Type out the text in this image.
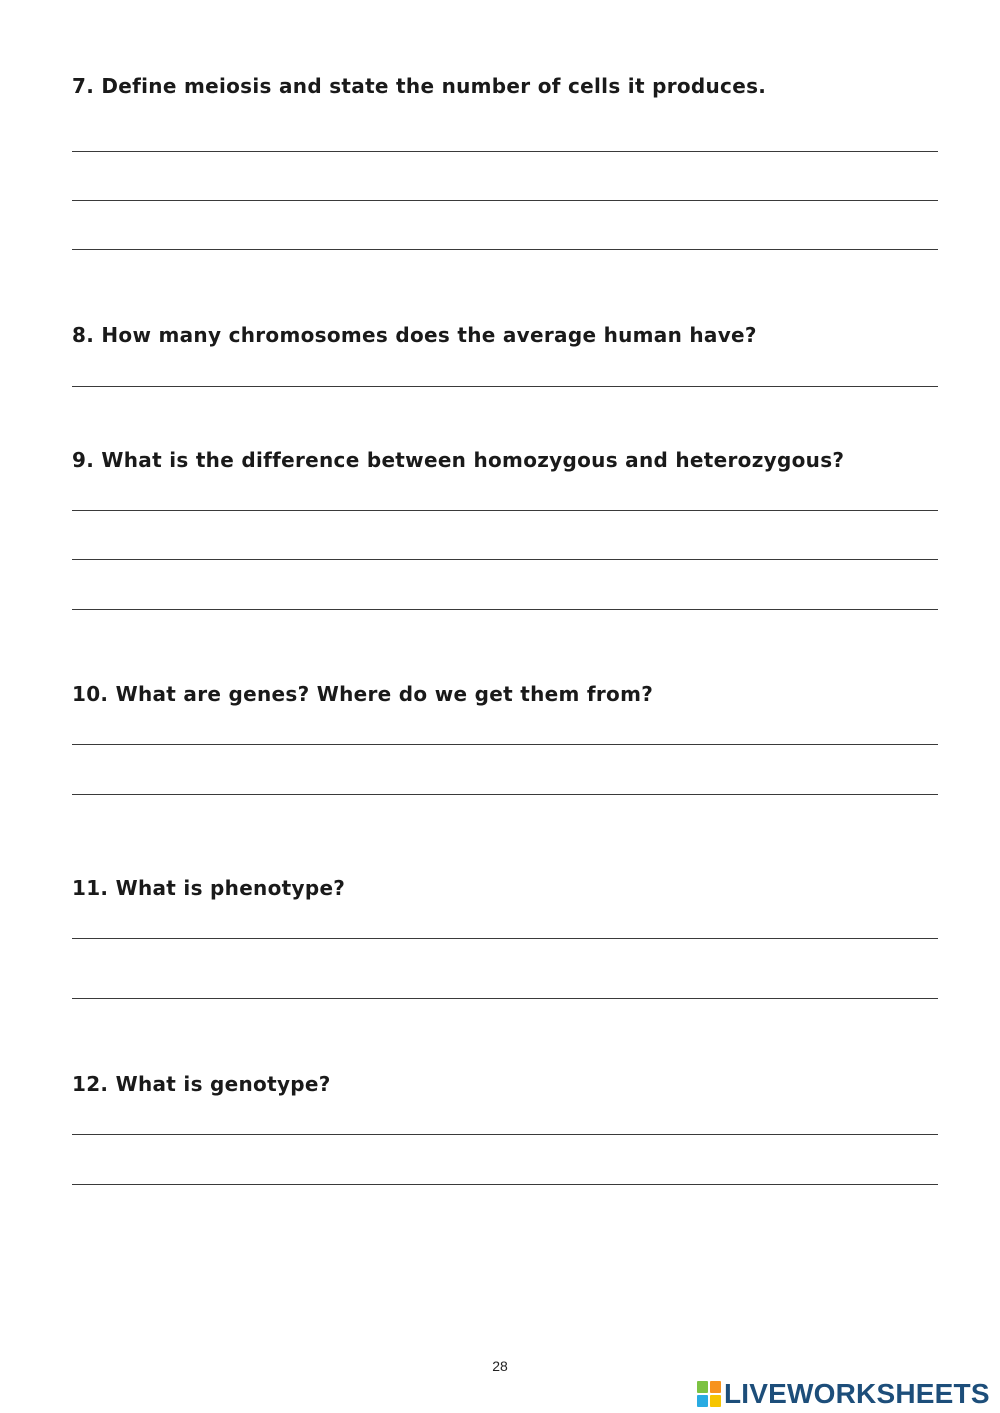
7. Define meiosis and state the number of cells it produces.

8. How many chromosomes does the average human have?

9. What is the difference between homozygous and heterozygous?

10. What are genes? Where do we get them from?

11. What is phenotype?

12. What is genotype?

28
LIVEWORKSHEETS
